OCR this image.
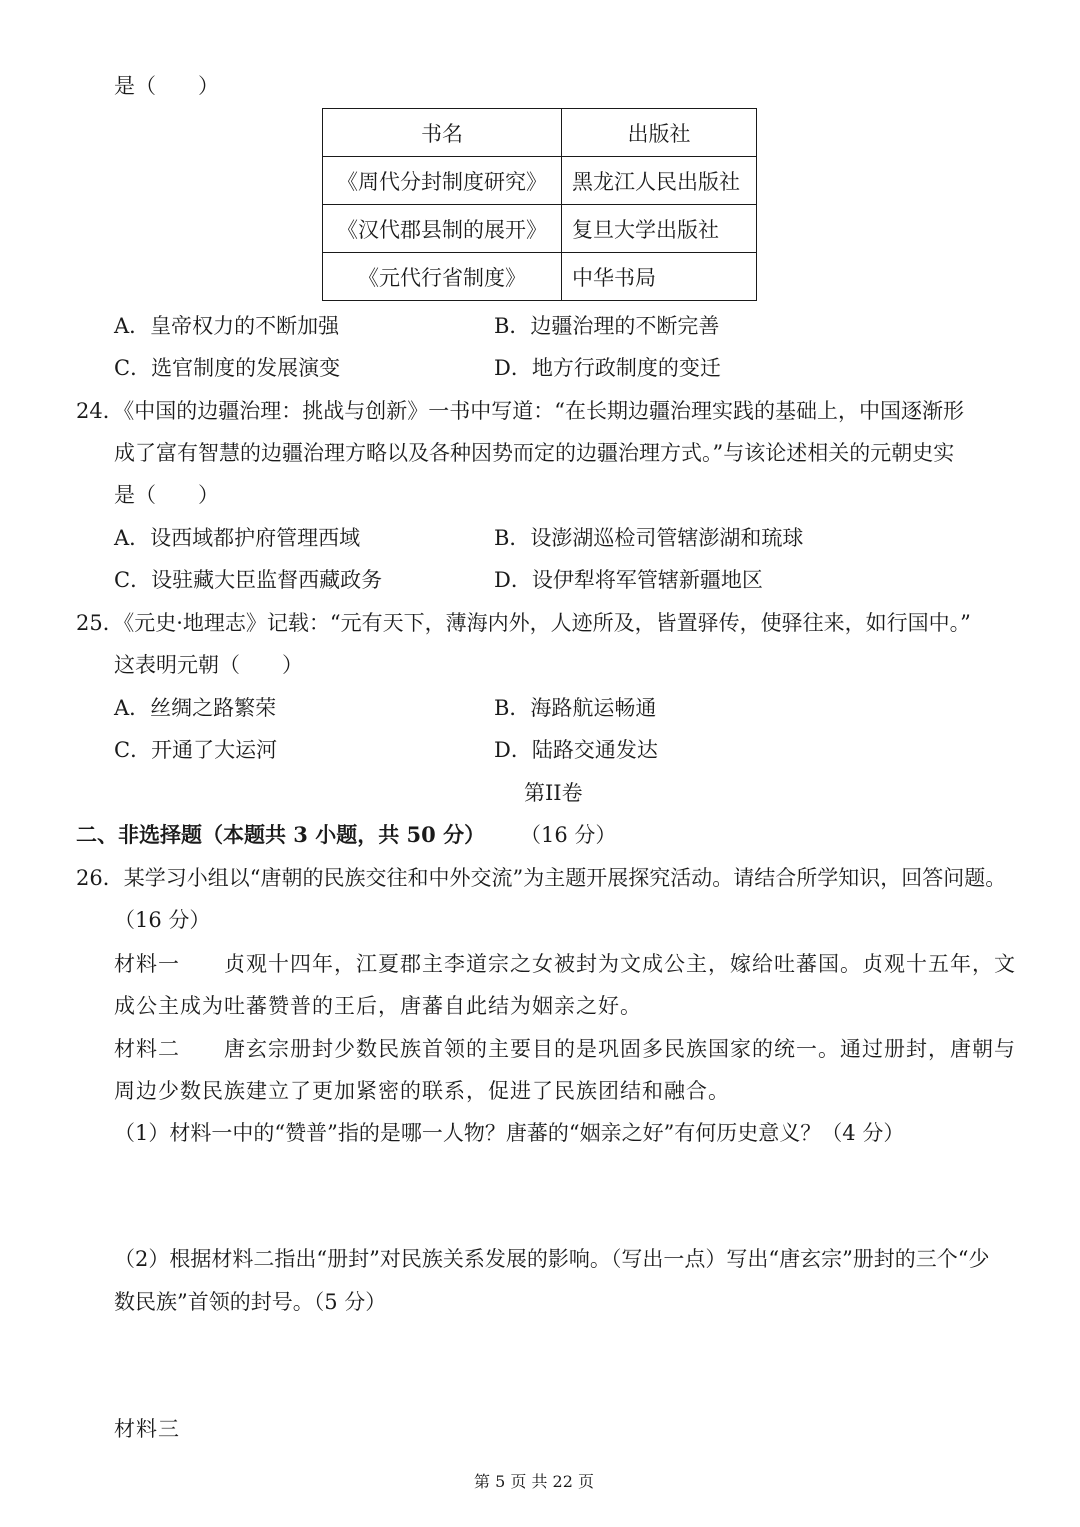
是（　　）
书名	出版社
《周代分封制度研究》	黑龙江人民出版社
《汉代郡县制的展开》	复旦大学出版社
《元代行省制度》	中华书局
A．皇帝权力的不断加强	B．边疆治理的不断完善
C．选官制度的发展演变	D．地方行政制度的变迁
24．《中国的边疆治理：挑战与创新》一书中写道：“在长期边疆治理实践的基础上，中国逐渐形
成了富有智慧的边疆治理方略以及各种因势而定的边疆治理方式。”与该论述相关的元朝史实
是（　　）
A．设西域都护府管理西域	B．设澎湖巡检司管辖澎湖和琉球
C．设驻藏大臣监督西藏政务	D．设伊犁将军管辖新疆地区
25．《元史·地理志》记载：“元有天下，薄海内外，人迹所及，皆置驿传，使驿往来，如行国中。”
这表明元朝（　　）
A．丝绸之路繁荣	B．海路航运畅通
C．开通了大运河	D．陆路交通发达
第II卷
二、非选择题（本题共 3 小题，共 50 分） （16 分）
26．某学习小组以“唐朝的民族交往和中外交流”为主题开展探究活动。请结合所学知识，回答问题。
（16 分）
材料一　　贞观十四年，江夏郡主李道宗之女被封为文成公主，嫁给吐蕃国。贞观十五年，文
成公主成为吐蕃赞普的王后，唐蕃自此结为姻亲之好。
材料二　　唐玄宗册封少数民族首领的主要目的是巩固多民族国家的统一。通过册封，唐朝与
周边少数民族建立了更加紧密的联系，促进了民族团结和融合。
（1）材料一中的“赞普”指的是哪一人物？唐蕃的“姻亲之好”有何历史意义？（4 分）
（2）根据材料二指出“册封”对民族关系发展的影响。（写出一点）写出“唐玄宗”册封的三个“少
数民族”首领的封号。（5 分）
材料三
第 5 页 共 22 页
